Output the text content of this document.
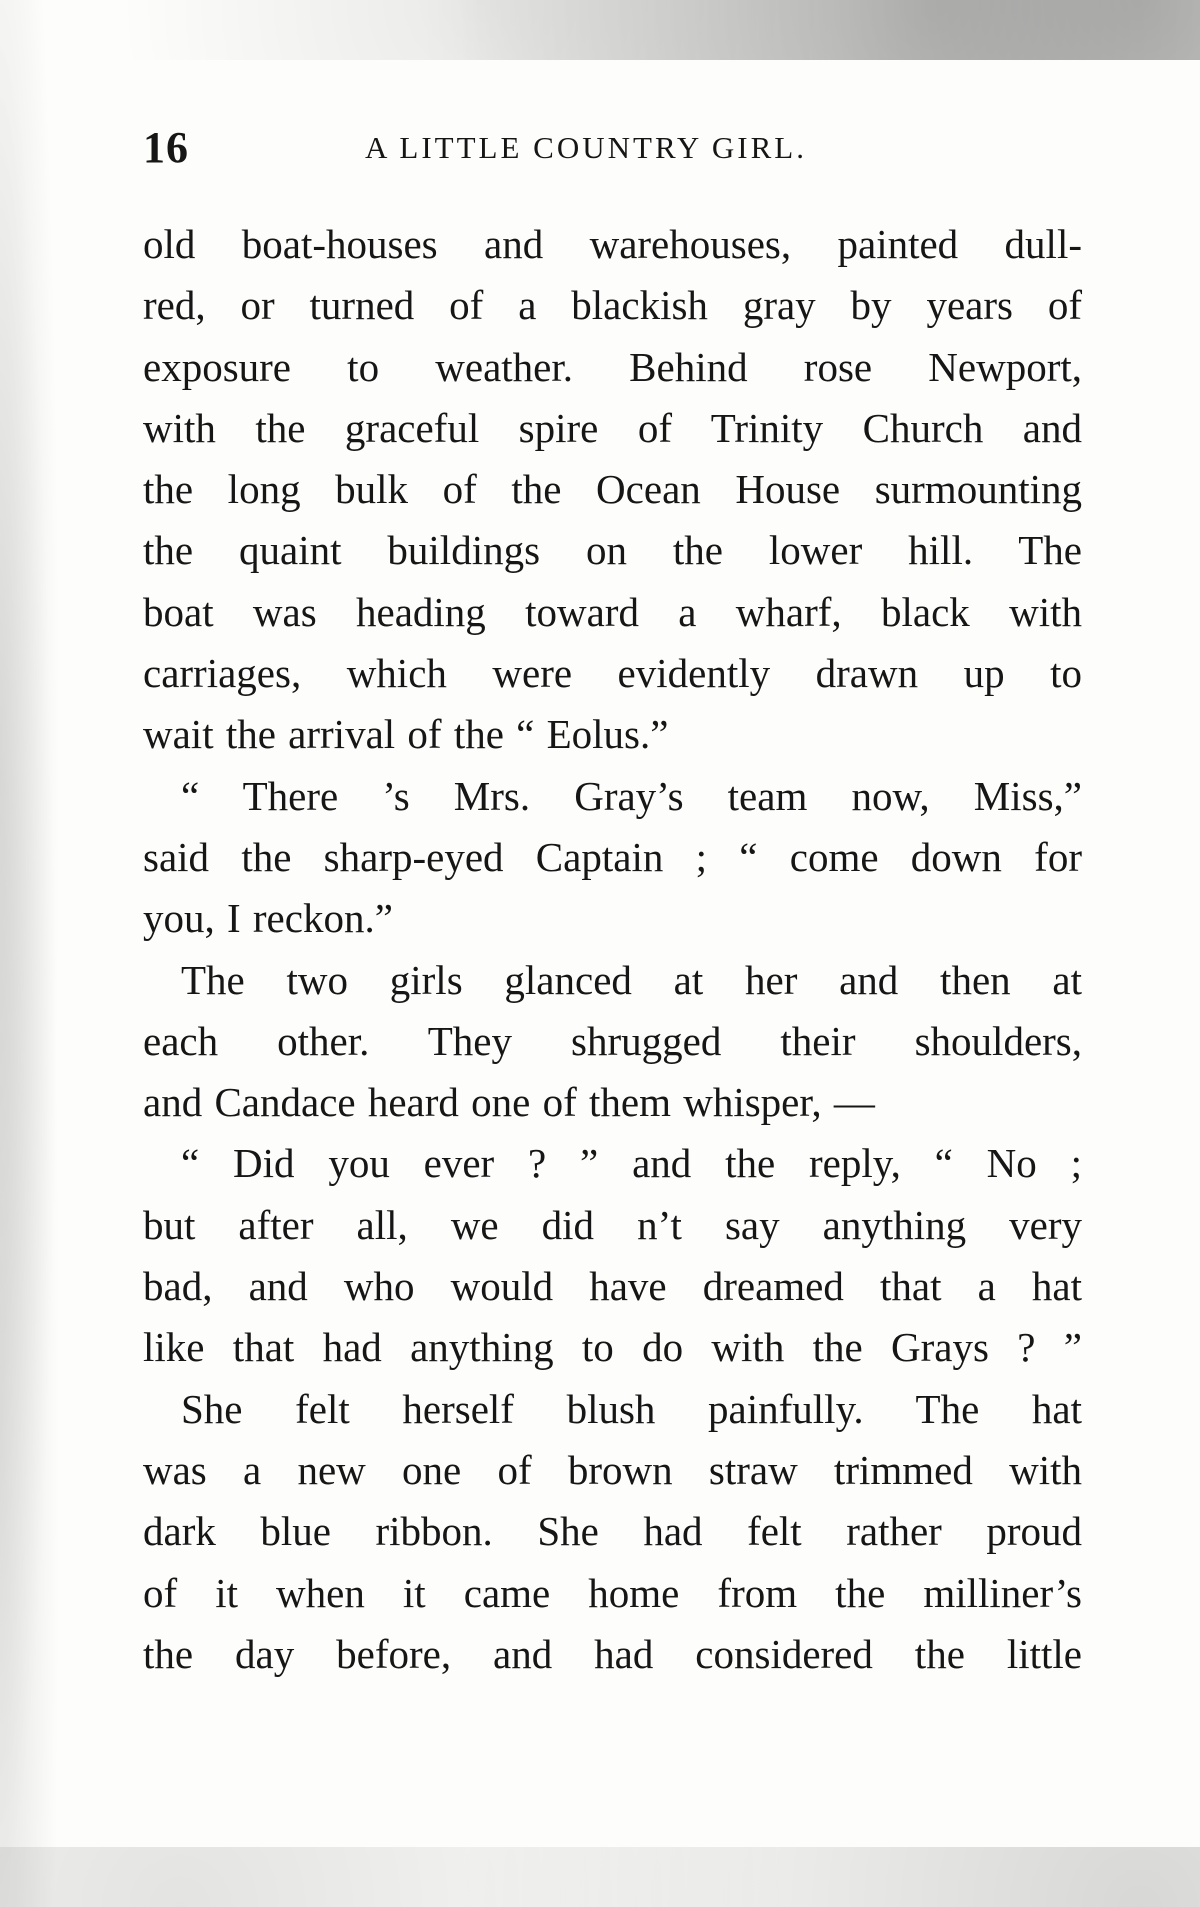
16	A LITTLE COUNTRY GIRL.
old boat-houses and warehouses, painted dull-
red, or turned of a blackish gray by years of
exposure to weather. Behind rose Newport,
with the graceful spire of Trinity Church and
the long bulk of the Ocean House surmounting
the quaint buildings on the lower hill. The
boat was heading toward a wharf, black with
carriages, which were evidently drawn up to
wait the arrival of the “ Eolus.”
“ There ’s Mrs. Gray’s team now, Miss,”
said the sharp-eyed Captain ; “ come down for
you, I reckon.”
The two girls glanced at her and then at
each other. They shrugged their shoulders,
and Candace heard one of them whisper, —
“ Did you ever ? ” and the reply, “ No ;
but after all, we did n’t say anything very
bad, and who would have dreamed that a hat
like that had anything to do with the Grays ? ”
She felt herself blush painfully. The hat
was a new one of brown straw trimmed with
dark blue ribbon. She had felt rather proud
of it when it came home from the milliner’s
the day before, and had considered the little
